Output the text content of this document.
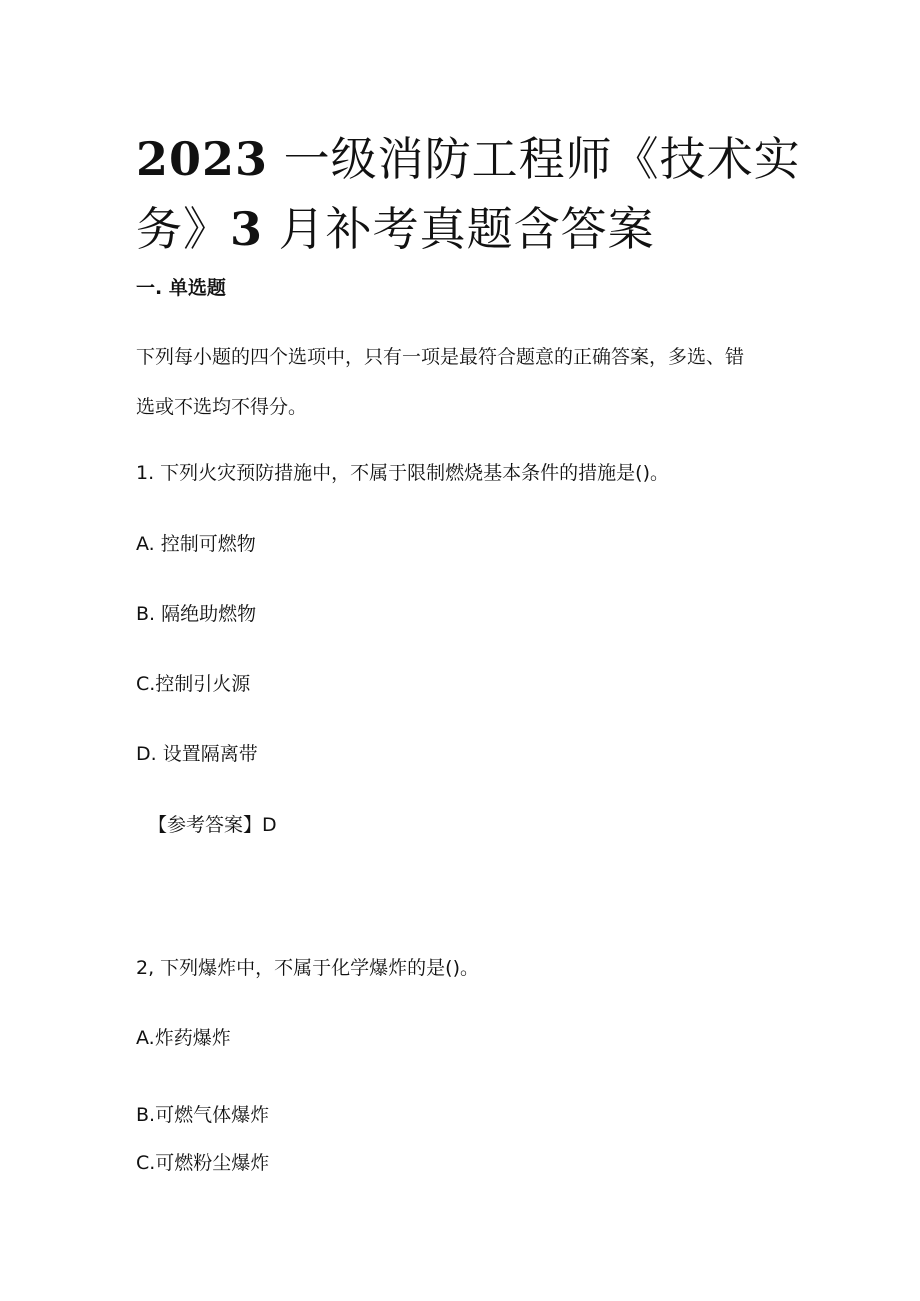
2023 一级消防工程师《技术实
务》3 月补考真题含答案
一. 单选题

下列每小题的四个选项中，只有一项是最符合题意的正确答案，多选、错

选或不选均不得分。

1. 下列火灾预防措施中，不属于限制燃烧基本条件的措施是()。

A. 控制可燃物

B. 隔绝助燃物

C.控制引火源

D. 设置隔离带

【参考答案】D

2, 下列爆炸中，不属于化学爆炸的是()。

A.炸药爆炸

B.可燃气体爆炸

C.可燃粉尘爆炸
